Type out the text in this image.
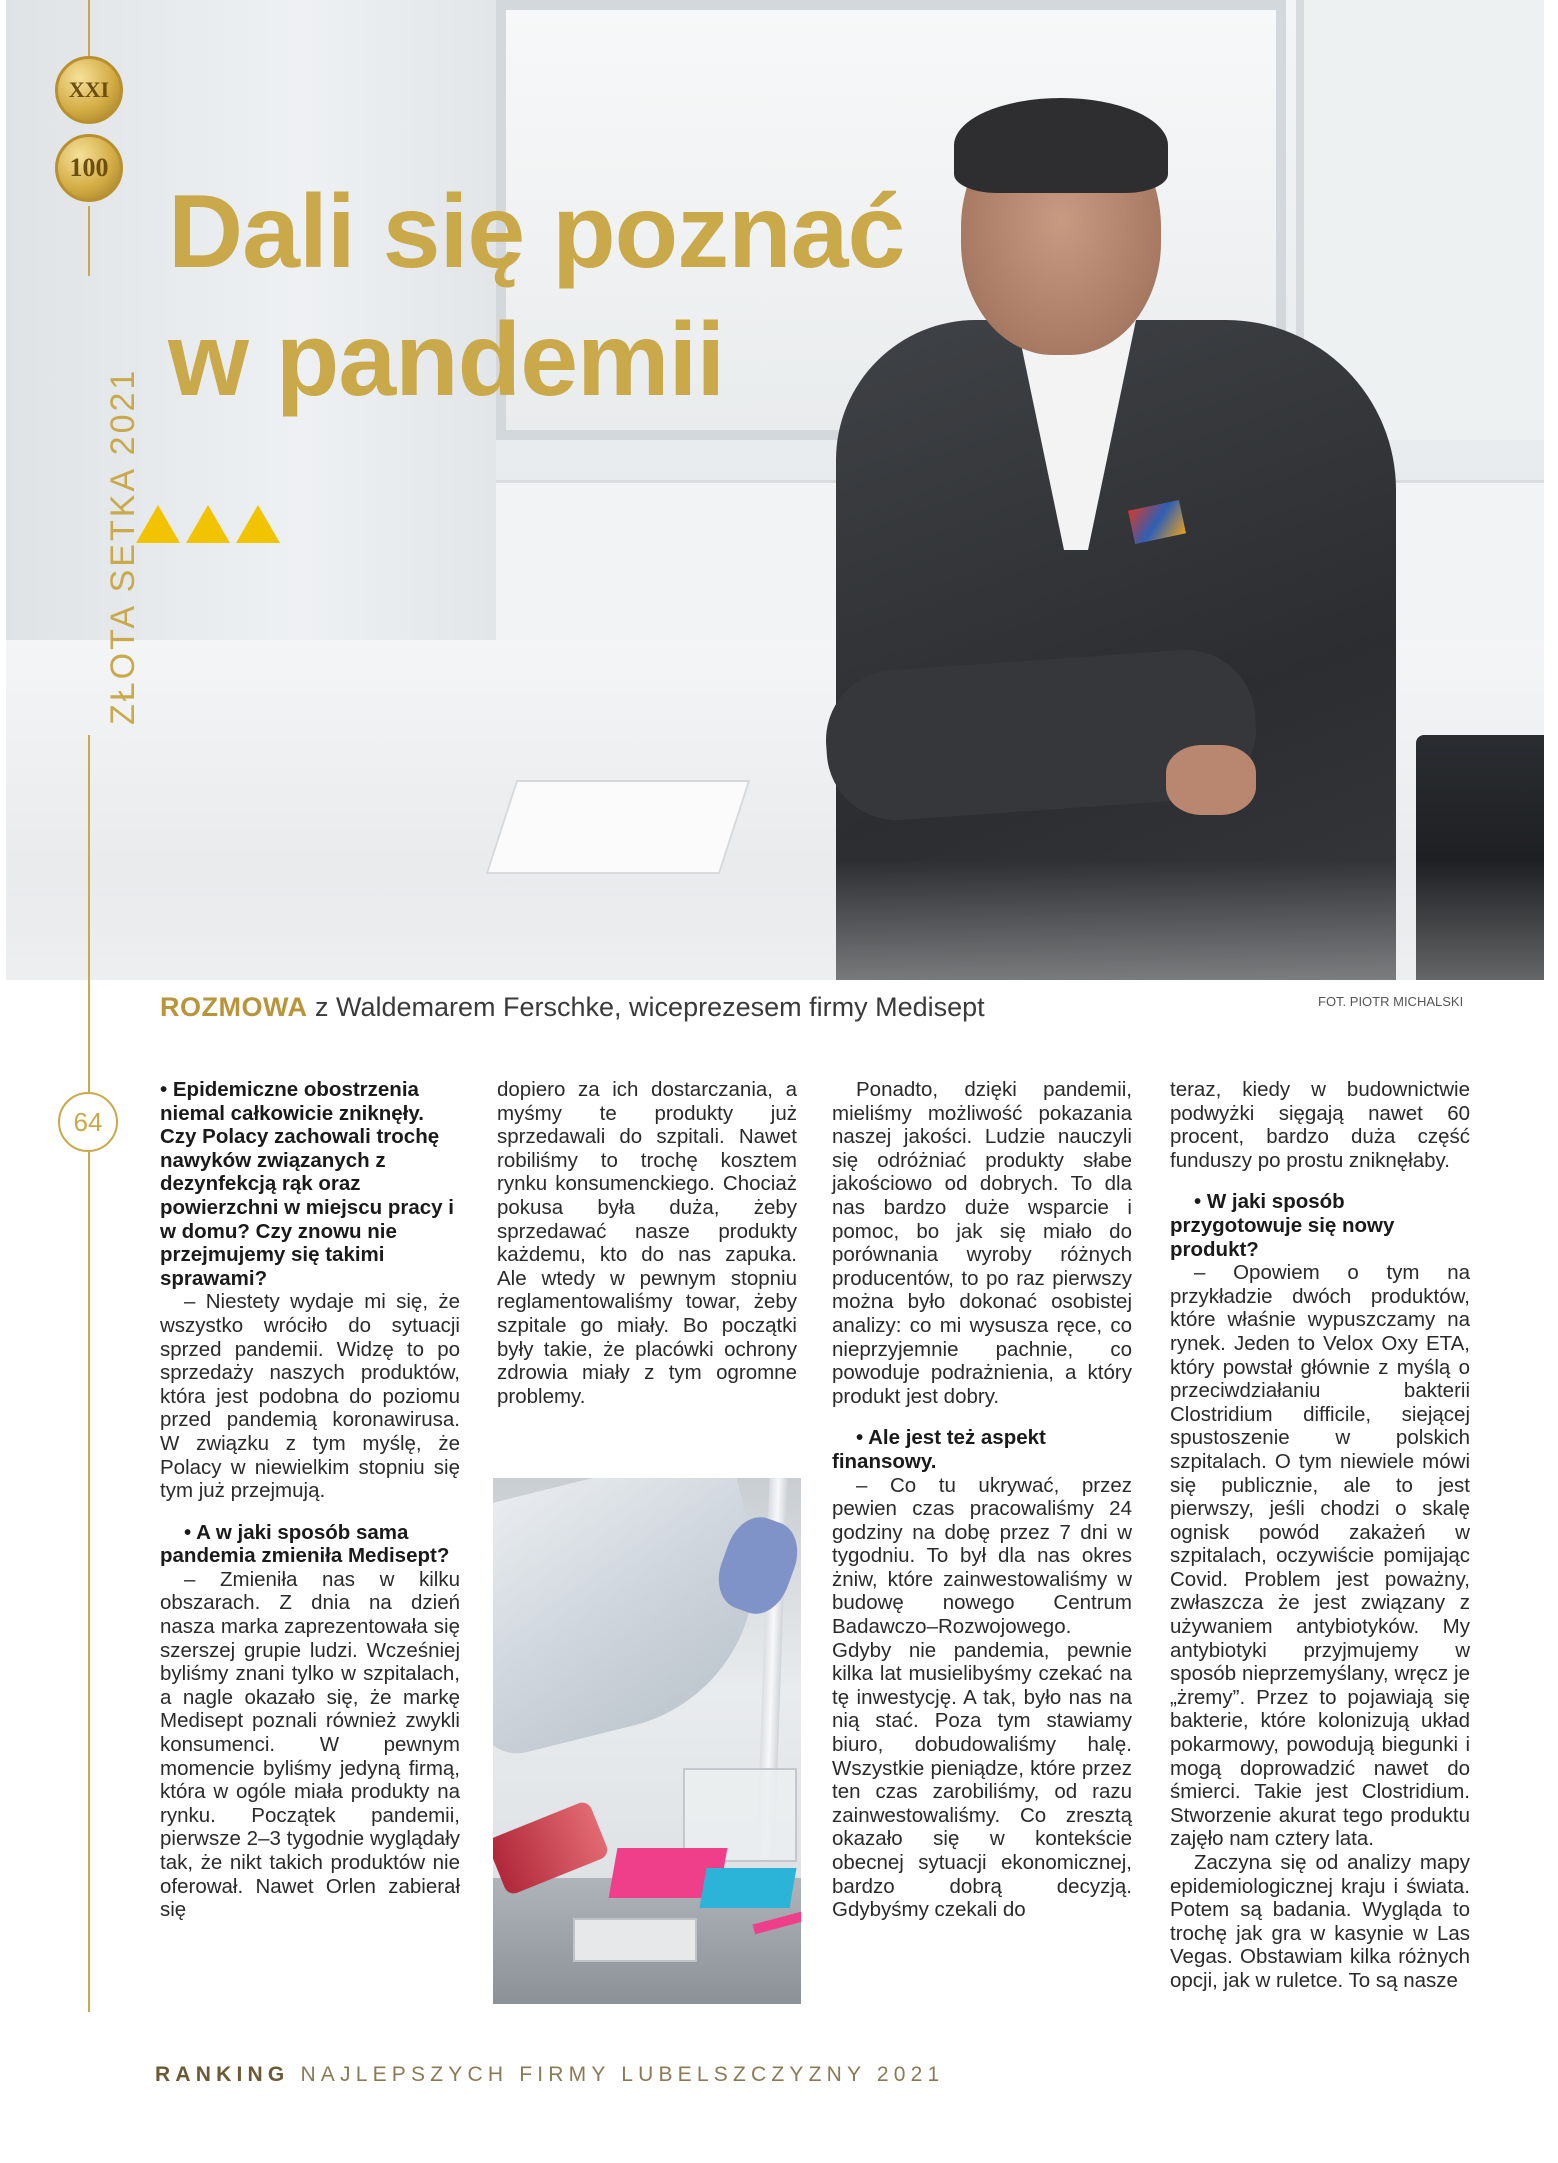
Dali się poznać
w pandemii
XXI
100
ZŁOTA SETKA 2021
64
ROZMOWA z Waldemarem Ferschke, wiceprezesem firmy Medisept	FOT. PIOTR MICHALSKI

• Epidemiczne obostrzenia niemal całkowicie zniknęły. Czy Polacy zachowali trochę nawyków związanych z dezynfekcją rąk oraz powierzchni w miejscu pracy i w domu? Czy znowu nie przejmujemy się takimi sprawami?

– Niestety wydaje mi się, że wszystko wróciło do sytuacji sprzed pandemii. Widzę to po sprzedaży naszych produktów, która jest podobna do poziomu przed pandemią koronawirusa. W związku z tym myślę, że Polacy w niewielkim stopniu się tym już przejmują.

• A w jaki sposób sama pandemia zmieniła Medisept?

– Zmieniła nas w kilku obszarach. Z dnia na dzień nasza marka zaprezentowała się szerszej grupie ludzi. Wcześniej byliśmy znani tylko w szpitalach, a nagle okazało się, że markę Medisept poznali również zwykli konsumenci. W pewnym momencie byliśmy jedyną firmą, która w ogóle miała produkty na rynku. Początek pandemii, pierwsze 2–3 tygodnie wyglądały tak, że nikt takich produktów nie oferował. Nawet Orlen zabierał się

dopiero za ich dostarczania, a myśmy te produkty już sprzedawali do szpitali. Nawet robiliśmy to trochę kosztem rynku konsumenckiego. Chociaż pokusa była duża, żeby sprzedawać nasze produkty każdemu, kto do nas zapuka. Ale wtedy w pewnym stopniu reglamentowaliśmy towar, żeby szpitale go miały. Bo początki były takie, że placówki ochrony zdrowia miały z tym ogromne problemy.

Ponadto, dzięki pandemii, mieliśmy możliwość pokazania naszej jakości. Ludzie nauczyli się odróżniać produkty słabe jakościowo od dobrych. To dla nas bardzo duże wsparcie i pomoc, bo jak się miało do porównania wyroby różnych producentów, to po raz pierwszy można było dokonać osobistej analizy: co mi wysusza ręce, co nieprzyjemnie pachnie, co powoduje podrażnienia, a który produkt jest dobry.

• Ale jest też aspekt finansowy.

– Co tu ukrywać, przez pewien czas pracowaliśmy 24 godziny na dobę przez 7 dni w tygodniu. To był dla nas okres żniw, które zainwestowaliśmy w budowę nowego Centrum Badawczo–Rozwojowego. Gdyby nie pandemia, pewnie kilka lat musielibyśmy czekać na tę inwestycję. A tak, było nas na nią stać. Poza tym stawiamy biuro, dobudowaliśmy halę. Wszystkie pieniądze, które przez ten czas zarobiliśmy, od razu zainwestowaliśmy. Co zresztą okazało się w kontekście obecnej sytuacji ekonomicznej, bardzo dobrą decyzją. Gdybyśmy czekali do

teraz, kiedy w budownictwie podwyżki sięgają nawet 60 procent, bardzo duża część funduszy po prostu zniknęłaby.

• W jaki sposób przygotowuje się nowy produkt?

– Opowiem o tym na przykładzie dwóch produktów, które właśnie wypuszczamy na rynek. Jeden to Velox Oxy ETA, który powstał głównie z myślą o przeciwdziałaniu bakterii Clostridium difficile, siejącej spustoszenie w polskich szpitalach. O tym niewiele mówi się publicznie, ale to jest pierwszy, jeśli chodzi o skalę ognisk powód zakażeń w szpitalach, oczywiście pomijając Covid. Problem jest poważny, zwłaszcza że jest związany z używaniem antybiotyków. My antybiotyki przyjmujemy w sposób nieprzemyślany, wręcz je „żremy”. Przez to pojawiają się bakterie, które kolonizują układ pokarmowy, powodują biegunki i mogą doprowadzić nawet do śmierci. Takie jest Clostridium. Stworzenie akurat tego produktu zajęło nam cztery lata.

Zaczyna się od analizy mapy epidemiologicznej kraju i świata. Potem są badania. Wygląda to trochę jak gra w kasynie w Las Vegas. Obstawiam kilka różnych opcji, jak w ruletce. To są nasze

RANKING NAJLEPSZYCH FIRMY LUBELSZCZYZNY 2021
